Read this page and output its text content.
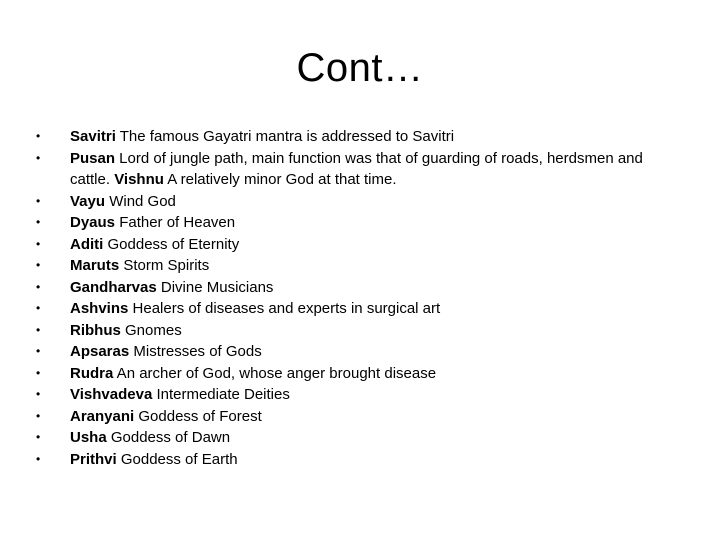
Cont…
•	Savitri The famous Gayatri mantra is addressed to Savitri
•	Pusan Lord of jungle path, main function was that of guarding of roads, herdsmen and cattle. Vishnu A relatively minor God at that time.
•	Vayu Wind God
•	Dyaus Father of Heaven
•	Aditi Goddess of Eternity
•	Maruts Storm Spirits
•	Gandharvas Divine Musicians
•	Ashvins Healers of diseases and experts in surgical art
•	Ribhus Gnomes
•	Apsaras Mistresses of Gods
•	Rudra An archer of God, whose anger brought disease
•	Vishvadeva Intermediate Deities
•	Aranyani Goddess of Forest
•	Usha Goddess of Dawn
•	Prithvi Goddess of Earth
